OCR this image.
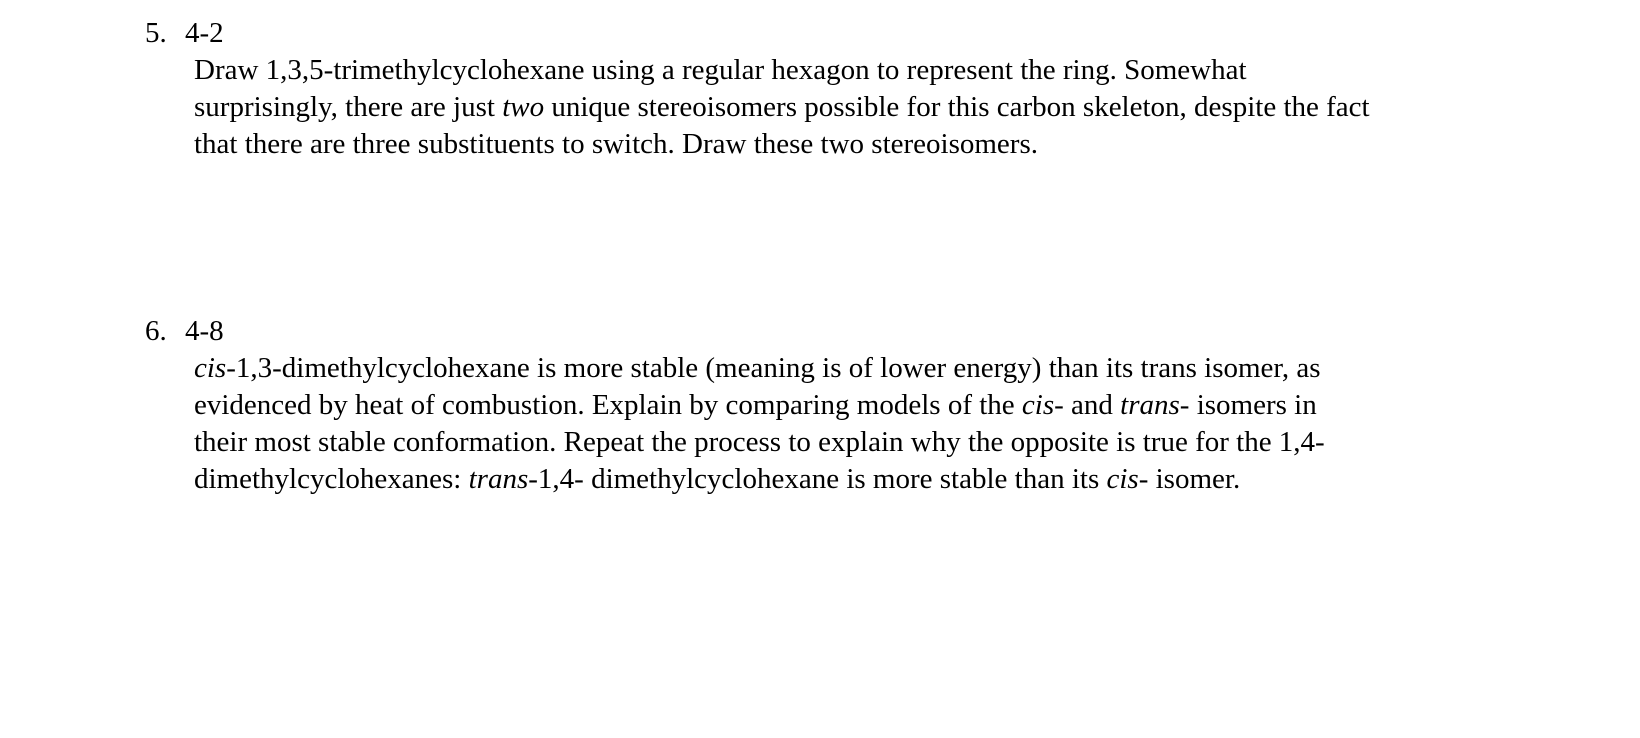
5. 4-2
Draw 1,3,5-trimethylcyclohexane using a regular hexagon to represent the ring. Somewhat
surprisingly, there are just two unique stereoisomers possible for this carbon skeleton, despite the fact
that there are three substituents to switch. Draw these two stereoisomers.
6. 4-8
cis-1,3-dimethylcyclohexane is more stable (meaning is of lower energy) than its trans isomer, as
evidenced by heat of combustion. Explain by comparing models of the cis- and trans- isomers in
their most stable conformation. Repeat the process to explain why the opposite is true for the 1,4-
dimethylcyclohexanes: trans-1,4- dimethylcyclohexane is more stable than its cis- isomer.
